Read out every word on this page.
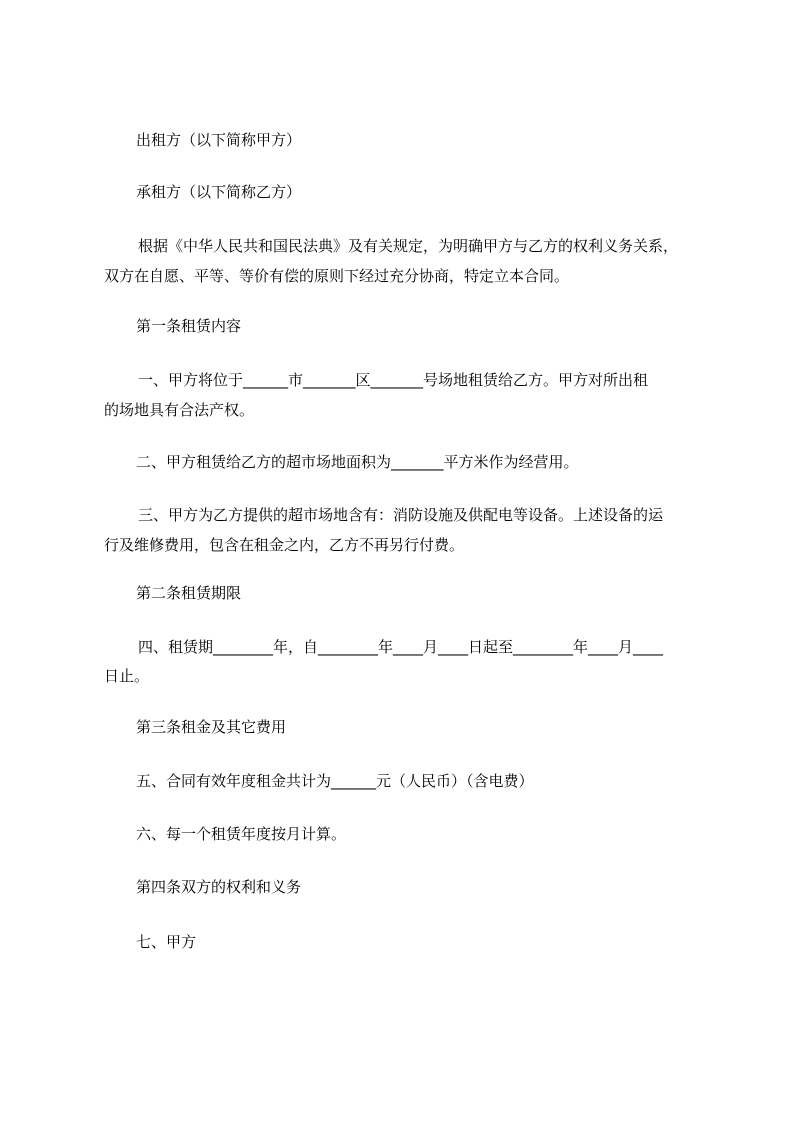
出租方（以下简称甲方）
承租方（以下简称乙方）
根据《中华人民共和国民法典》及有关规定，为明确甲方与乙方的权利义务关系，
双方在自愿、平等、等价有偿的原则下经过充分协商，特定立本合同。
第一条租赁内容
一、甲方将位于______市_______区_______号场地租赁给乙方。甲方对所出租
的场地具有合法产权。
二、甲方租赁给乙方的超市场地面积为_______平方米作为经营用。
三、甲方为乙方提供的超市场地含有：消防设施及供配电等设备。上述设备的运
行及维修费用，包含在租金之内，乙方不再另行付费。
第二条租赁期限
四、租赁期________年，自________年____月____日起至________年____月____
日止。
第三条租金及其它费用
五、合同有效年度租金共计为______元（人民币）（含电费）
六、每一个租赁年度按月计算。
第四条双方的权利和义务
七、甲方
